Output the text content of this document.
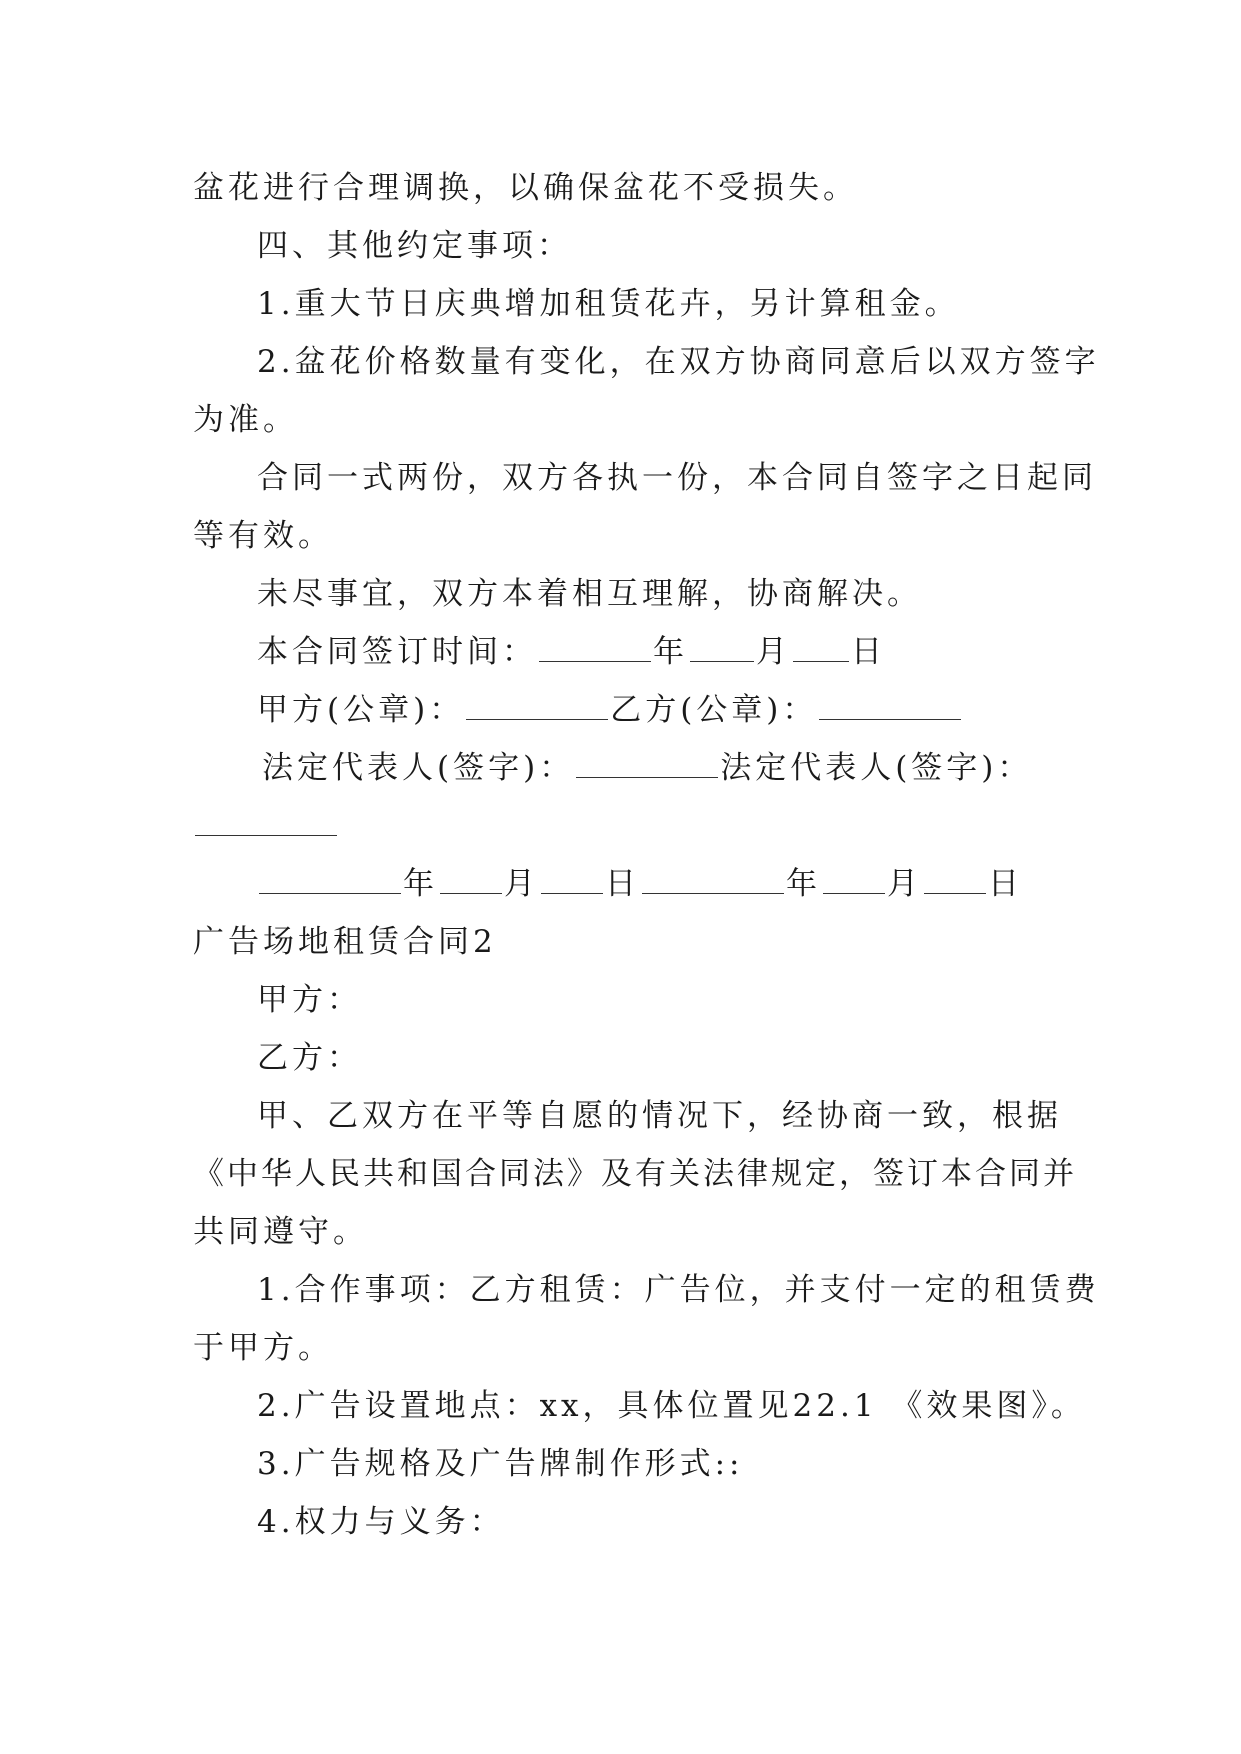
盆花进行合理调换，以确保盆花不受损失。
四、其他约定事项：
1.重大节日庆典增加租赁花卉，另计算租金。
2.盆花价格数量有变化，在双方协商同意后以双方签字
为准。
合同一式两份，双方各执一份，本合同自签字之日起同
等有效。
未尽事宜，双方本着相互理解，协商解决。
本合同签订时间：	年 月 日
甲方(公章)：	乙方(公章)：
法定代表人(签字)：	法定代表人(签字)：
年 月 日	年 月 日
广告场地租赁合同2
甲方：
乙方：
甲、乙双方在平等自愿的情况下，经协商一致，根据
《中华人民共和国合同法》及有关法律规定，签订本合同并
共同遵守。
1.合作事项：乙方租赁：广告位，并支付一定的租赁费
于甲方。
2.广告设置地点：xx，具体位置见22.1 《效果图》。
3.广告规格及广告牌制作形式::
4.权力与义务：
